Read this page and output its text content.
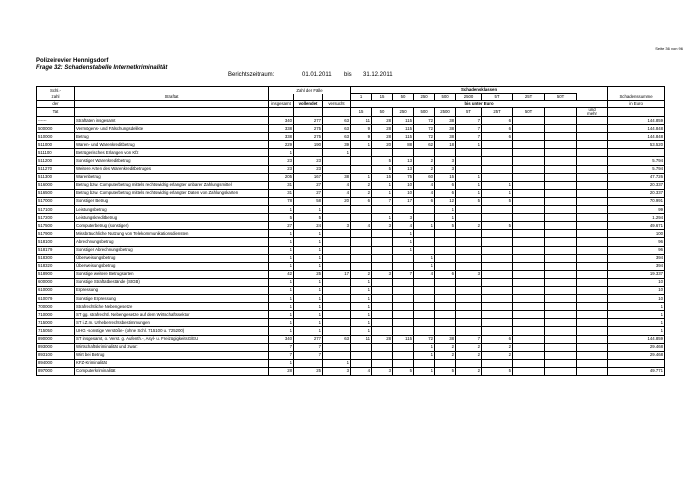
Seite 36 von 96
Polizeirevier Hennigsdorf
Frage 32: Schadenstabelle Internetkriminalität
Berichtszeitraum:	01.01.2011 bis 31.12.2011
Schl.-		Zahl der Fälle			Schadensklassen										
zahl	Straftat				1	15	50	250	500	2500	5T	25T	50T		Schadenssumme
der		insgesamt	vollendet	versucht	bis unter Euro										in Euro
Tat					15	50	250	500	2500	5T	25T	50T		und
mehr	

------	Straftaten insgesamt	340	277	63	11	28	115	72	38	7	6				144.859
500000	Vermögens- und Fälschungsdelikte	338	275	63	9	28	115	72	38	7	6				144.848
510000	Betrug	338	275	63	9	28	115	72	38	7	6				144.848
511000	Waren- und Warenkreditbetrug	229	190	39	1	20	88	62	18	1					53.520
511100	Betrügerisches Erlangen von Kfz	1		1											
511200	Sonstiger Warenkreditbetrug	23	23			5	13	2	3						5.794
511270	Weitere Arten des Warenkreditbetruges	23	23			5	13	2	3						5.794
511300	Warenbetrug	205	167	38	1	15	75	60	15	1					47.726
516000	Betrug bzw. Computerbetrug mittels rechtswidrig erlangter unbarer Zahlungsmittel	31	27	4	2	1	10	4	6	1	1				20.337
516500	Betrug bzw. Computerbetrug mittels rechtswidrig erlangter Daten von Zahlungskarten	31	27	4	2	1	10	4	6	1	1				20.337
517000	Sonstiger Betrug	78	58	20	6	7	17	6	12	5	5				70.991
517100	Leistungsbetrug	1	1						1						99
517200	Leistungskreditbetrug	5	5			1	3		1						1.294
517500	Computerbetrug (sonstiger)	27	24	3	4	3	4	1	5	2	5				49.671
517900	Missbräuchliche Nutzung von Telekommunikationsdiensten	1	1				1								100
518100	Abrechnungsbetrug	1	1				1								96
518179	Sonstiger Abrechnungsbetrug	1	1				1								96
518300	Überweisungsbetrug	1	1					1							394
518320	Überweisungsbetrug	1	1					1							394
518900	Sonstige weitere Betrugsarten	42	25	17	2	3	7	4	6	3					19.337
600000	Sonstige Straftatbestände (StGB)	1	1		1										10
610000	Erpressung	1	1		1										10
610079	Sonstige Erpressung	1	1		1										10
700000	Strafrechtliche Nebengesetze	1	1		1										1
710000	ST gg. strafrechtl. Nebengesetze auf dem Wirtschaftssektor	1	1		1										1
715000	ST i.Z.m. Urheberrechtsbestimmungen	1	1		1										1
715050	UHG -sonstige Verstöße- (ohne Schl. 715100 u. 725200)	1	1		1										1
890000	ST insgesamt, o. Verst. g. Aufenth.-, Asyl- u. FreizügigkeitsG/EU	340	277	63	11	28	115	72	38	7	6				144.859
893000	Wirtschaftskriminalität und zwar:	7	7					1	2	2	2				29.468
893100	Wirt bei Betrug	7	7					1	2	2	2				29.468
894000	KFZ-Kriminalität	1		1											
897000	Computerkriminalität	28	25	3	4	3	5	1	5	2	5				49.771
